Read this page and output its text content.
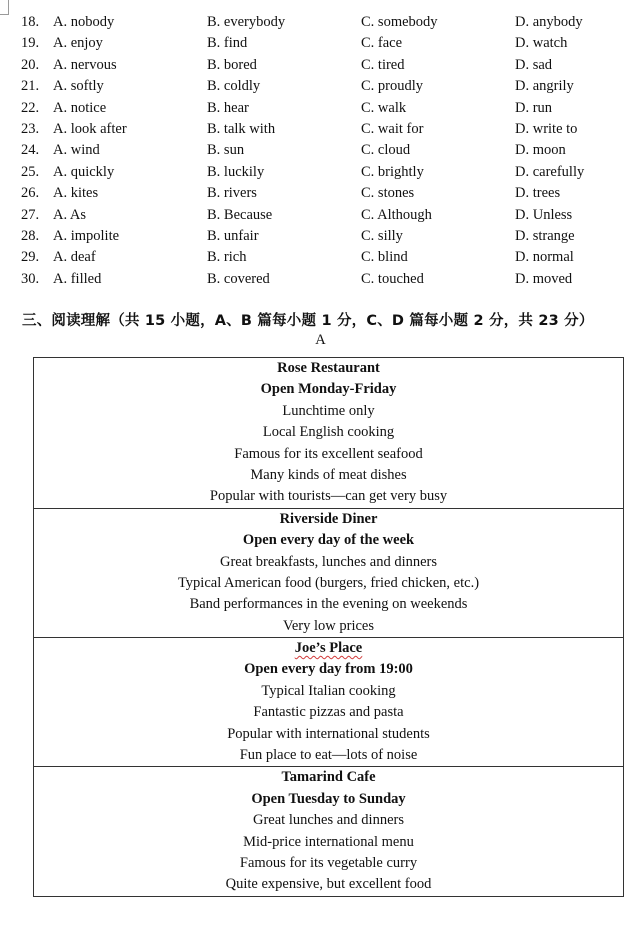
18. A. nobody	B. everybody	C. somebody	D. anybody
19. A. enjoy	B. find	C. face	D. watch
20. A. nervous	B. bored	C. tired	D. sad
21. A. softly	B. coldly	C. proudly	D. angrily
22. A. notice	B. hear	C. walk	D. run
23. A. look after	B. talk with	C. wait for	D. write to
24. A. wind	B. sun	C. cloud	D. moon
25. A. quickly	B. luckily	C. brightly	D. carefully
26. A. kites	B. rivers	C. stones	D. trees
27. A. As	B. Because	C. Although	D. Unless
28. A. impolite	B. unfair	C. silly	D. strange
29. A. deaf	B. rich	C. blind	D. normal
30. A. filled	B. covered	C. touched	D. moved
三、阅读理解（共 15 小题，A、B 篇每小题 1 分，C、D 篇每小题 2 分，共 23 分）
A
Rose Restaurant
Open Monday-Friday
Lunchtime only
Local English cooking
Famous for its excellent seafood
Many kinds of meat dishes
Popular with tourists—can get very busy
Riverside Diner
Open every day of the week
Great breakfasts, lunches and dinners
Typical American food (burgers, fried chicken, etc.)
Band performances in the evening on weekends
Very low prices
Joe’s Place
Open every day from 19:00
Typical Italian cooking
Fantastic pizzas and pasta
Popular with international students
Fun place to eat—lots of noise
Tamarind Cafe
Open Tuesday to Sunday
Great lunches and dinners
Mid-price international menu
Famous for its vegetable curry
Quite expensive, but excellent food
